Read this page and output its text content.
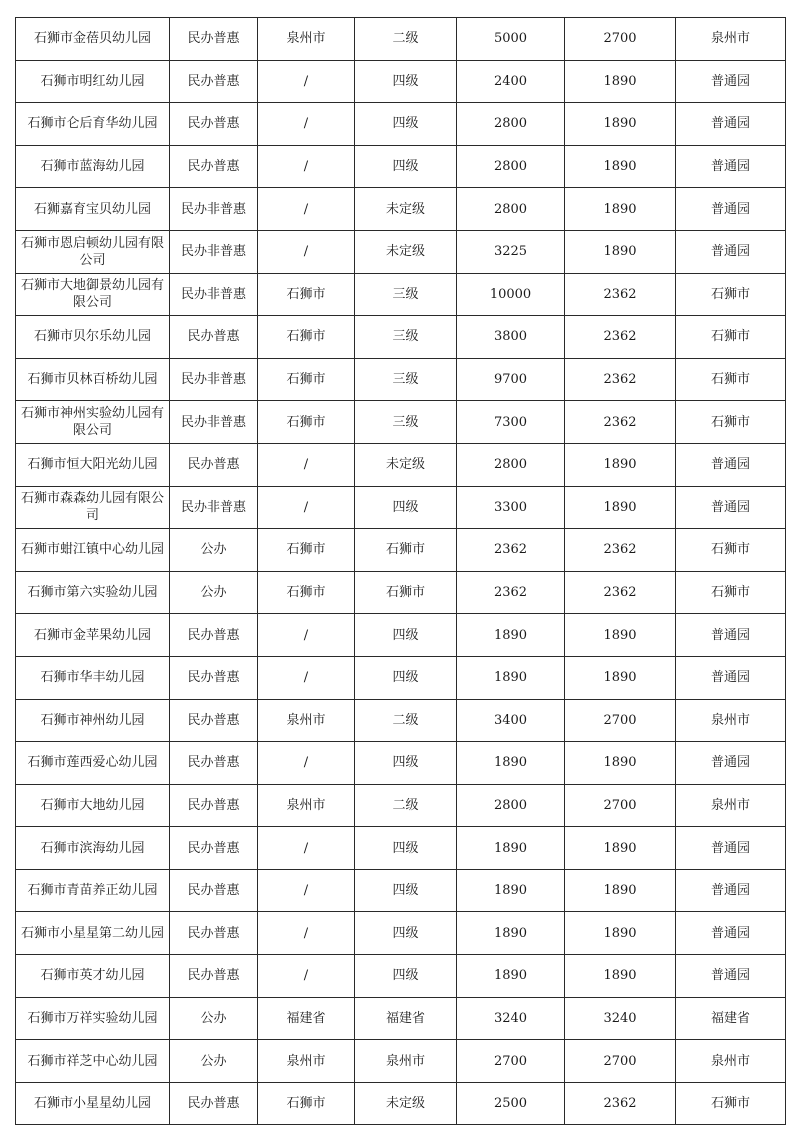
石狮市金蓓贝幼儿园	民办普惠	泉州市	二级	5000	2700	泉州市
石狮市明红幼儿园	民办普惠	/	四级	2400	1890	普通园
石狮市仑后育华幼儿园	民办普惠	/	四级	2800	1890	普通园
石狮市蓝海幼儿园	民办普惠	/	四级	2800	1890	普通园
石狮嘉育宝贝幼儿园	民办非普惠	/	未定级	2800	1890	普通园
石狮市恩启顿幼儿园有限公司	民办非普惠	/	未定级	3225	1890	普通园
石狮市大地御景幼儿园有限公司	民办非普惠	石狮市	三级	10000	2362	石狮市
石狮市贝尔乐幼儿园	民办普惠	石狮市	三级	3800	2362	石狮市
石狮市贝林百桥幼儿园	民办非普惠	石狮市	三级	9700	2362	石狮市
石狮市神州实验幼儿园有限公司	民办非普惠	石狮市	三级	7300	2362	石狮市
石狮市恒大阳光幼儿园	民办普惠	/	未定级	2800	1890	普通园
石狮市森森幼儿园有限公司	民办非普惠	/	四级	3300	1890	普通园
石狮市蚶江镇中心幼儿园	公办	石狮市	石狮市	2362	2362	石狮市
石狮市第六实验幼儿园	公办	石狮市	石狮市	2362	2362	石狮市
石狮市金苹果幼儿园	民办普惠	/	四级	1890	1890	普通园
石狮市华丰幼儿园	民办普惠	/	四级	1890	1890	普通园
石狮市神州幼儿园	民办普惠	泉州市	二级	3400	2700	泉州市
石狮市莲西爱心幼儿园	民办普惠	/	四级	1890	1890	普通园
石狮市大地幼儿园	民办普惠	泉州市	二级	2800	2700	泉州市
石狮市滨海幼儿园	民办普惠	/	四级	1890	1890	普通园
石狮市青苗养正幼儿园	民办普惠	/	四级	1890	1890	普通园
石狮市小星星第二幼儿园	民办普惠	/	四级	1890	1890	普通园
石狮市英才幼儿园	民办普惠	/	四级	1890	1890	普通园
石狮市万祥实验幼儿园	公办	福建省	福建省	3240	3240	福建省
石狮市祥芝中心幼儿园	公办	泉州市	泉州市	2700	2700	泉州市
石狮市小星星幼儿园	民办普惠	石狮市	未定级	2500	2362	石狮市
